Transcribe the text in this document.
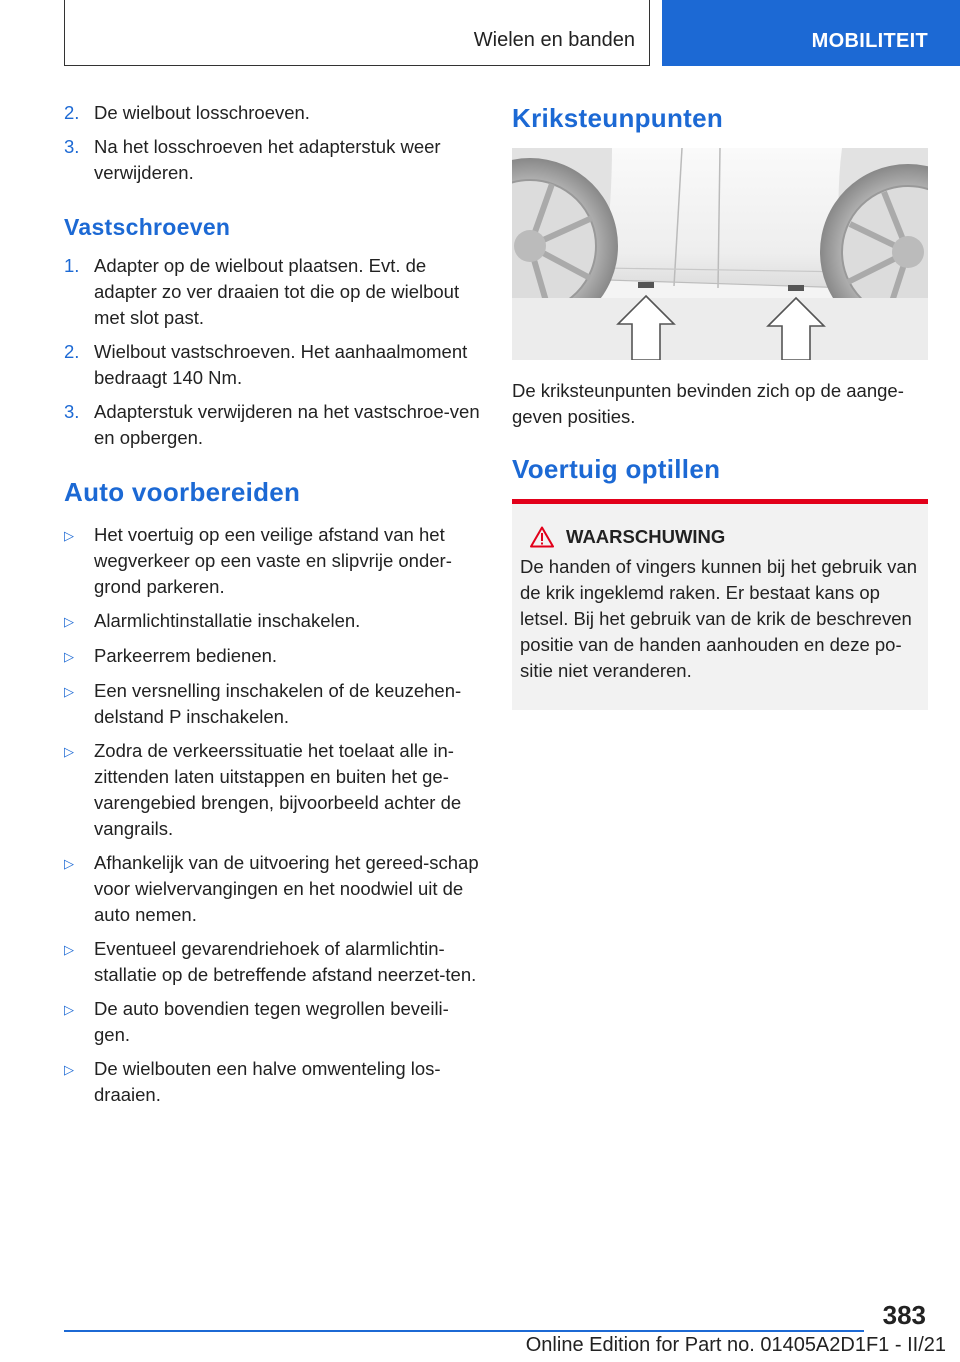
Wielen en banden	MOBILITEIT
2. De wielbout losschroeven.
3. Na het losschroeven het adapterstuk weer verwijderen.
Vastschroeven
1. Adapter op de wielbout plaatsen. Evt. de adapter zo ver draaien tot die op de wielbout met slot past.
2. Wielbout vastschroeven. Het aanhaalmoment bedraagt 140 Nm.
3. Adapterstuk verwijderen na het vastschroe-ven en opbergen.
Auto voorbereiden
▷	Het voertuig op een veilige afstand van het wegverkeer op een vaste en slipvrije onder-grond parkeren.
▷	Alarmlichtinstallatie inschakelen.
▷	Parkeerrem bedienen.
▷	Een versnelling inschakelen of de keuzehen-delstand P inschakelen.
▷	Zodra de verkeerssituatie het toelaat alle in-zittenden laten uitstappen en buiten het ge-varengebied brengen, bijvoorbeeld achter de vangrails.
▷	Afhankelijk van de uitvoering het gereed-schap voor wielvervangingen en het noodwiel uit de auto nemen.
▷	Eventueel gevarendriehoek of alarmlichtin-stallatie op de betreffende afstand neerzet-ten.
▷	De auto bovendien tegen wegrollen beveili-gen.
▷	De wielbouten een halve omwenteling los-draaien.
Kriksteunpunten
De kriksteunpunten bevinden zich op de aange-geven posities.
Voertuig optillen
WAARSCHUWING
De handen of vingers kunnen bij het gebruik van de krik ingeklemd raken. Er bestaat kans op letsel. Bij het gebruik van de krik de beschreven positie van de handen aanhouden en deze po-sitie niet veranderen.
383
Online Edition for Part no. 01405A2D1F1 - II/21
